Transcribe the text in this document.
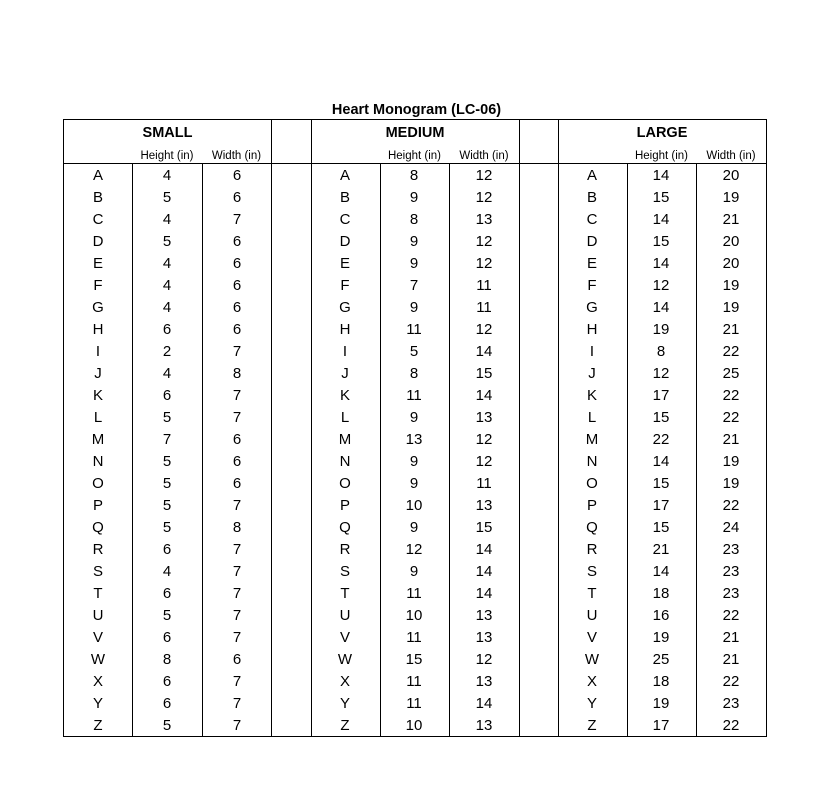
Heart Monogram (LC-06)
SMALL
Height (in)	Width (in)
A	4	6
B	5	6
C	4	7
D	5	6
E	4	6
F	4	6
G	4	6
H	6	6
I	2	7
J	4	8
K	6	7
L	5	7
M	7	6
N	5	6
O	5	6
P	5	7
Q	5	8
R	6	7
S	4	7
T	6	7
U	5	7
V	6	7
W	8	6
X	6	7
Y	6	7
Z	5	7
MEDIUM
Height (in)	Width (in)
A	8	12
B	9	12
C	8	13
D	9	12
E	9	12
F	7	11
G	9	11
H	11	12
I	5	14
J	8	15
K	11	14
L	9	13
M	13	12
N	9	12
O	9	11
P	10	13
Q	9	15
R	12	14
S	9	14
T	11	14
U	10	13
V	11	13
W	15	12
X	11	13
Y	11	14
Z	10	13
LARGE
Height (in)	Width (in)
A	14	20
B	15	19
C	14	21
D	15	20
E	14	20
F	12	19
G	14	19
H	19	21
I	8	22
J	12	25
K	17	22
L	15	22
M	22	21
N	14	19
O	15	19
P	17	22
Q	15	24
R	21	23
S	14	23
T	18	23
U	16	22
V	19	21
W	25	21
X	18	22
Y	19	23
Z	17	22
